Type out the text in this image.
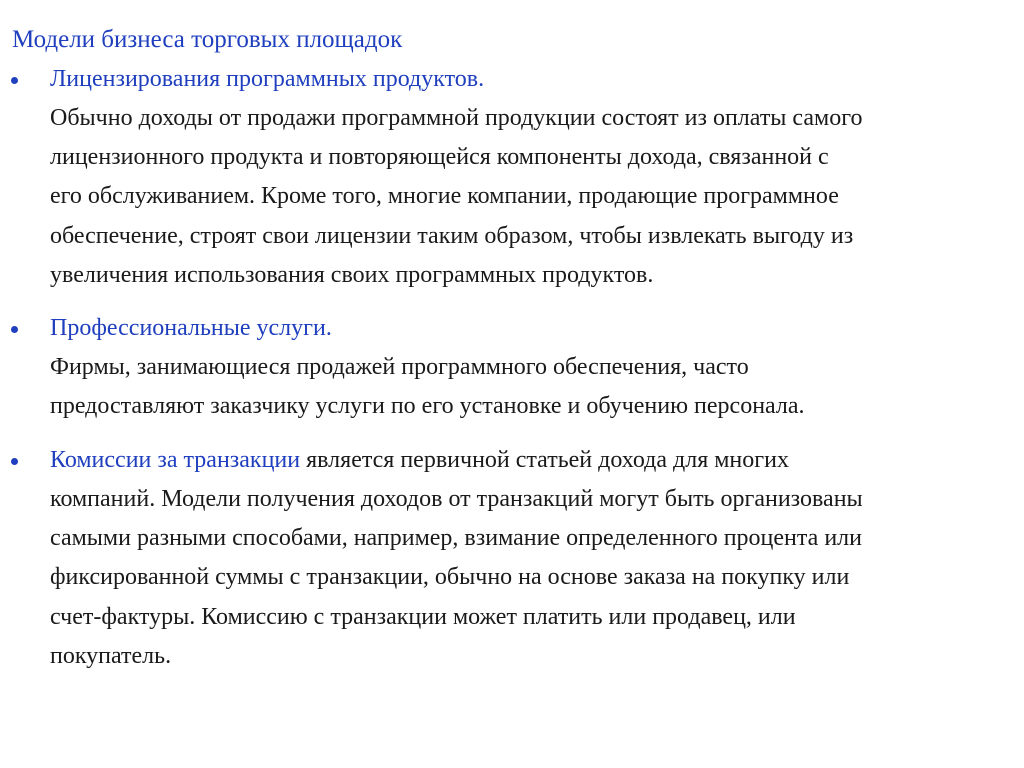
Модели бизнеса торговых площадок
Лицензирования программных продуктов.
Обычно доходы от продажи программной продукции состоят из оплаты самого
лицензионного продукта и повторяющейся компоненты дохода, связанной с
его обслуживанием. Кроме того, многие компании, продающие программное
обеспечение, строят свои лицензии таким образом, чтобы извлекать выгоду из
увеличения использования своих программных продуктов.
Профессиональные услуги.
Фирмы, занимающиеся продажей программного обеспечения, часто
предоставляют заказчику услуги по его установке и обучению персонала.
Комиссии за транзакции является первичной статьей дохода для многих
компаний. Модели получения доходов от транзакций могут быть организованы
самыми разными способами, например, взимание определенного процента или
фиксированной суммы с транзакции, обычно на основе заказа на покупку или
счет-фактуры. Комиссию с транзакции может платить или продавец, или
покупатель.
